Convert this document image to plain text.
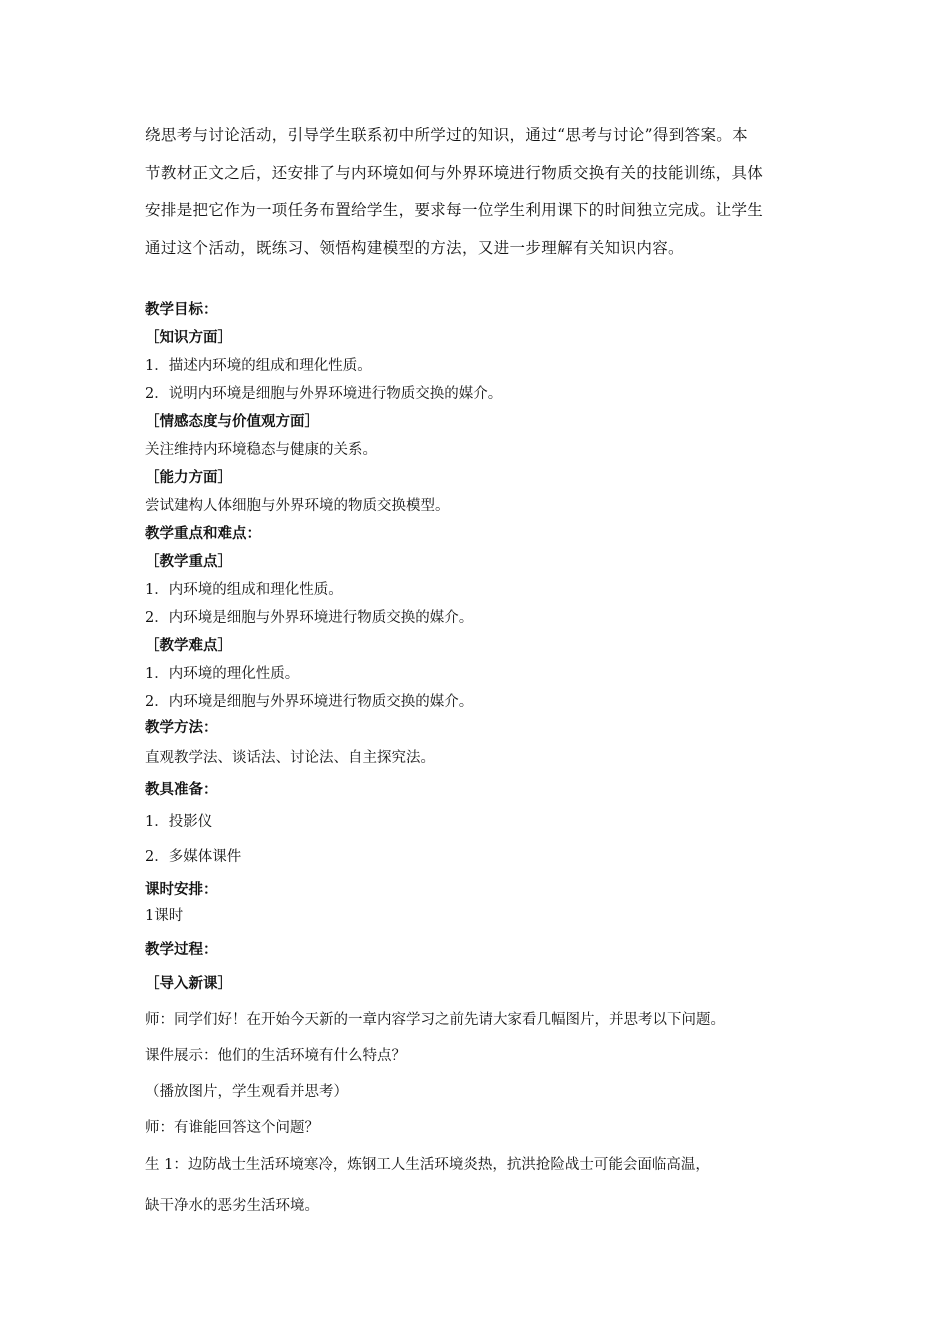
绕思考与讨论活动，引导学生联系初中所学过的知识，通过“思考与讨论”得到答案。本

节教材正文之后，还安排了与内环境如何与外界环境进行物质交换有关的技能训练，具体

安排是把它作为一项任务布置给学生，要求每一位学生利用课下的时间独立完成。让学生

通过这个活动，既练习、领悟构建模型的方法，又进一步理解有关知识内容。

教学目标：

［知识方面］

1．描述内环境的组成和理化性质。

2．说明内环境是细胞与外界环境进行物质交换的媒介。

［情感态度与价值观方面］

关注维持内环境稳态与健康的关系。

［能力方面］

尝试建构人体细胞与外界环境的物质交换模型。

教学重点和难点：

［教学重点］

1．内环境的组成和理化性质。

2．内环境是细胞与外界环境进行物质交换的媒介。

［教学难点］

1．内环境的理化性质。

2．内环境是细胞与外界环境进行物质交换的媒介。

教学方法：

直观教学法、谈话法、讨论法、自主探究法。

教具准备：

1．投影仪

2．多媒体课件

课时安排：

1课时

教学过程：

［导入新课］

师：同学们好！在开始今天新的一章内容学习之前先请大家看几幅图片，并思考以下问题。

课件展示：他们的生活环境有什么特点？

（播放图片，学生观看并思考）

师：有谁能回答这个问题？

生 1：边防战士生活环境寒冷，炼钢工人生活环境炎热，抗洪抢险战士可能会面临高温，

缺干净水的恶劣生活环境。
